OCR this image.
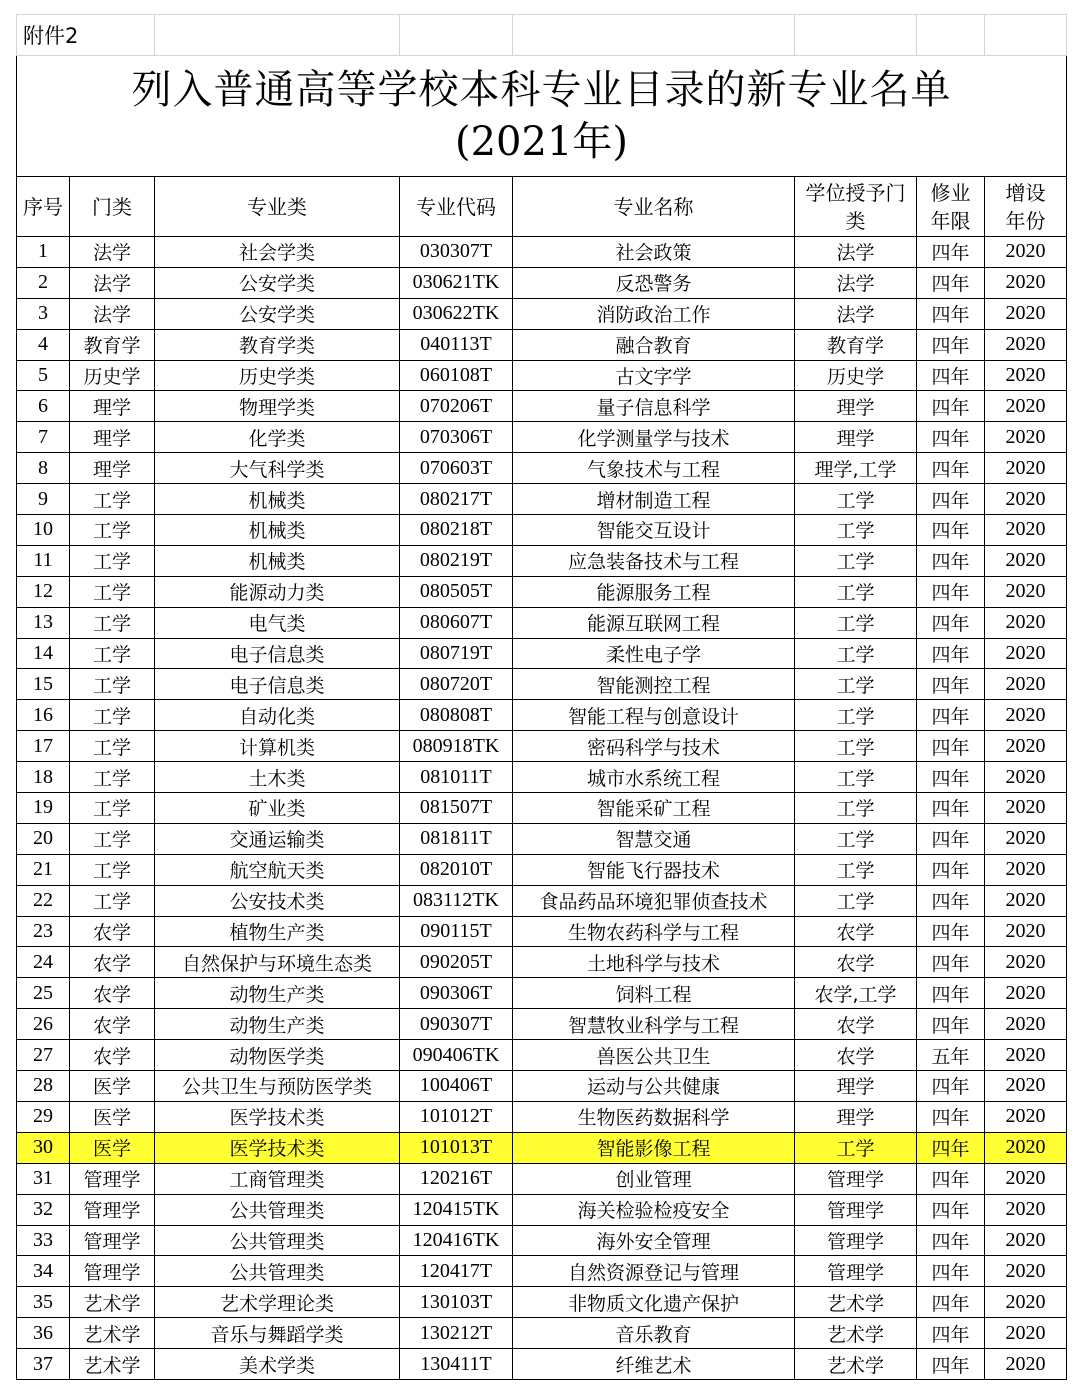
附件2							

列入普通高等学校本科专业目录的新专业名单
(2021年)							

序号	门类	专业类	专业代码	专业名称	学位授予门类	修业年限	增设年份
1	法学	社会学类	030307T	社会政策	法学	四年	2020
2	法学	公安学类	030621TK	反恐警务	法学	四年	2020
3	法学	公安学类	030622TK	消防政治工作	法学	四年	2020
4	教育学	教育学类	040113T	融合教育	教育学	四年	2020
5	历史学	历史学类	060108T	古文字学	历史学	四年	2020
6	理学	物理学类	070206T	量子信息科学	理学	四年	2020
7	理学	化学类	070306T	化学测量学与技术	理学	四年	2020
8	理学	大气科学类	070603T	气象技术与工程	理学,工学	四年	2020
9	工学	机械类	080217T	增材制造工程	工学	四年	2020
10	工学	机械类	080218T	智能交互设计	工学	四年	2020
11	工学	机械类	080219T	应急装备技术与工程	工学	四年	2020
12	工学	能源动力类	080505T	能源服务工程	工学	四年	2020
13	工学	电气类	080607T	能源互联网工程	工学	四年	2020
14	工学	电子信息类	080719T	柔性电子学	工学	四年	2020
15	工学	电子信息类	080720T	智能测控工程	工学	四年	2020
16	工学	自动化类	080808T	智能工程与创意设计	工学	四年	2020
17	工学	计算机类	080918TK	密码科学与技术	工学	四年	2020
18	工学	土木类	081011T	城市水系统工程	工学	四年	2020
19	工学	矿业类	081507T	智能采矿工程	工学	四年	2020
20	工学	交通运输类	081811T	智慧交通	工学	四年	2020
21	工学	航空航天类	082010T	智能飞行器技术	工学	四年	2020
22	工学	公安技术类	083112TK	食品药品环境犯罪侦查技术	工学	四年	2020
23	农学	植物生产类	090115T	生物农药科学与工程	农学	四年	2020
24	农学	自然保护与环境生态类	090205T	土地科学与技术	农学	四年	2020
25	农学	动物生产类	090306T	饲料工程	农学,工学	四年	2020
26	农学	动物生产类	090307T	智慧牧业科学与工程	农学	四年	2020
27	农学	动物医学类	090406TK	兽医公共卫生	农学	五年	2020
28	医学	公共卫生与预防医学类	100406T	运动与公共健康	理学	四年	2020
29	医学	医学技术类	101012T	生物医药数据科学	理学	四年	2020
30	医学	医学技术类	101013T	智能影像工程	工学	四年	2020
31	管理学	工商管理类	120216T	创业管理	管理学	四年	2020
32	管理学	公共管理类	120415TK	海关检验检疫安全	管理学	四年	2020
33	管理学	公共管理类	120416TK	海外安全管理	管理学	四年	2020
34	管理学	公共管理类	120417T	自然资源登记与管理	管理学	四年	2020
35	艺术学	艺术学理论类	130103T	非物质文化遗产保护	艺术学	四年	2020
36	艺术学	音乐与舞蹈学类	130212T	音乐教育	艺术学	四年	2020
37	艺术学	美术学类	130411T	纤维艺术	艺术学	四年	2020
